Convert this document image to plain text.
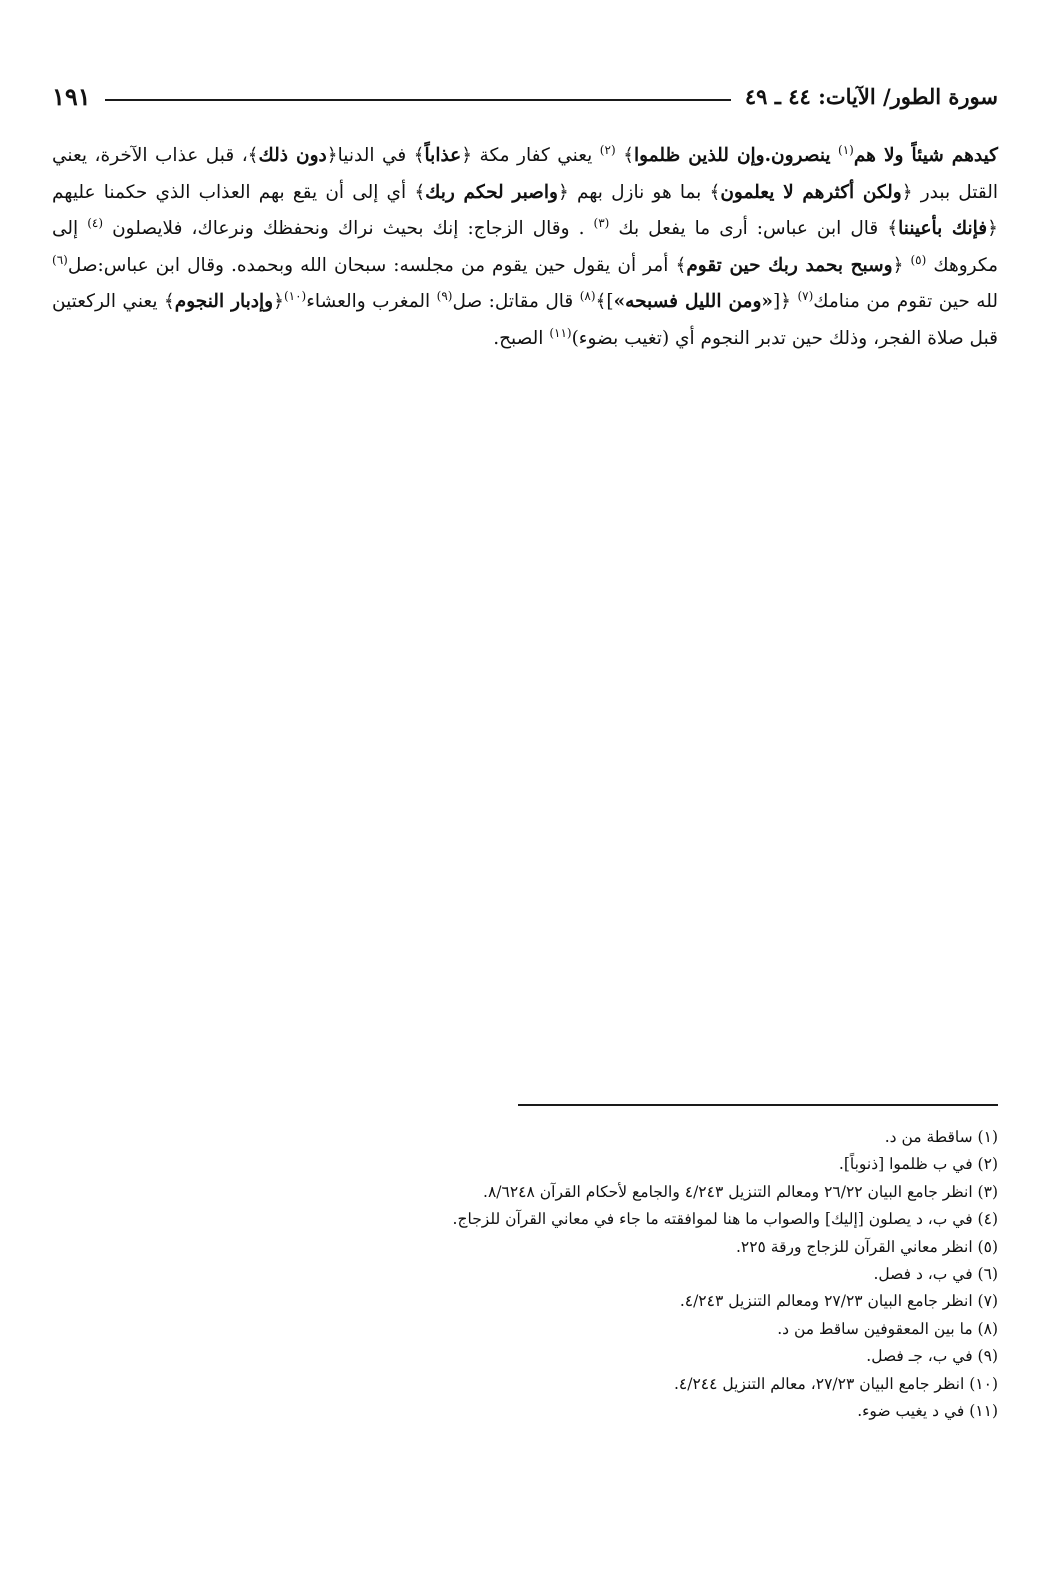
سورة الطور/ الآيات: ٤٤ ـ ٤٩
١٩١

كيدهم شيئاً ولا هم$^{(١)}$ ينصرون.وإن للذين ظلموا﴾ $^{(٢)}$ يعني كفار مكة ﴿عذاباً﴾ في الدنيا﴿دون ذلك﴾، قبل عذاب الآخرة، يعني القتل ببدر ﴿ولكن أكثرهم لا يعلمون﴾ بما هو نازل بهم ﴿واصبر لحكم ربك﴾ أي إلى أن يقع بهم العذاب الذي حكمنا عليهم ﴿فإنك بأعيننا﴾ قال ابن عباس: أرى ما يفعل بك $^{(٣)}$ . وقال الزجاج: إنك بحيث نراك ونحفظك ونرعاك، فلايصلون $^{(٤)}$ إلى مكروهك $^{(٥)}$ ﴿وسبح بحمد ربك حين تقوم﴾ أمر أن يقول حين يقوم من مجلسه: سبحان الله وبحمده. وقال ابن عباس:صل$^{(٦)}$ لله حين تقوم من منامك$^{(٧)}$ ﴿[«ومن الليل فسبحه»]﴾$^{(٨)}$ قال مقاتل: صل$^{(٩)}$ المغرب والعشاء$^{(١٠)}$﴿وإدبار النجوم﴾ يعني الركعتين قبل صلاة الفجر، وذلك حين تدبر النجوم أي (تغيب بضوء)$^{(١١)}$ الصبح.

(١) ساقطة من د.
(٢) في ب ظلموا [ذنوباً].
(٣) انظر جامع البيان ٢٦/٢٢ ومعالم التنزيل ٤/٢٤٣ والجامع لأحكام القرآن ٨/٦٢٤٨.
(٤) في ب، د يصلون [إليك] والصواب ما هنا لموافقته ما جاء في معاني القرآن للزجاج.
(٥) انظر معاني القرآن للزجاج ورقة ٢٢٥.
(٦) في ب، د فصل.
(٧) انظر جامع البيان ٢٧/٢٣ ومعالم التنزيل ٤/٢٤٣.
(٨) ما بين المعقوفين ساقط من د.
(٩) في ب، جـ فصل.
(١٠) انظر جامع البيان ٢٧/٢٣، معالم التنزيل ٤/٢٤٤.
(١١) في د يغيب ضوء.
